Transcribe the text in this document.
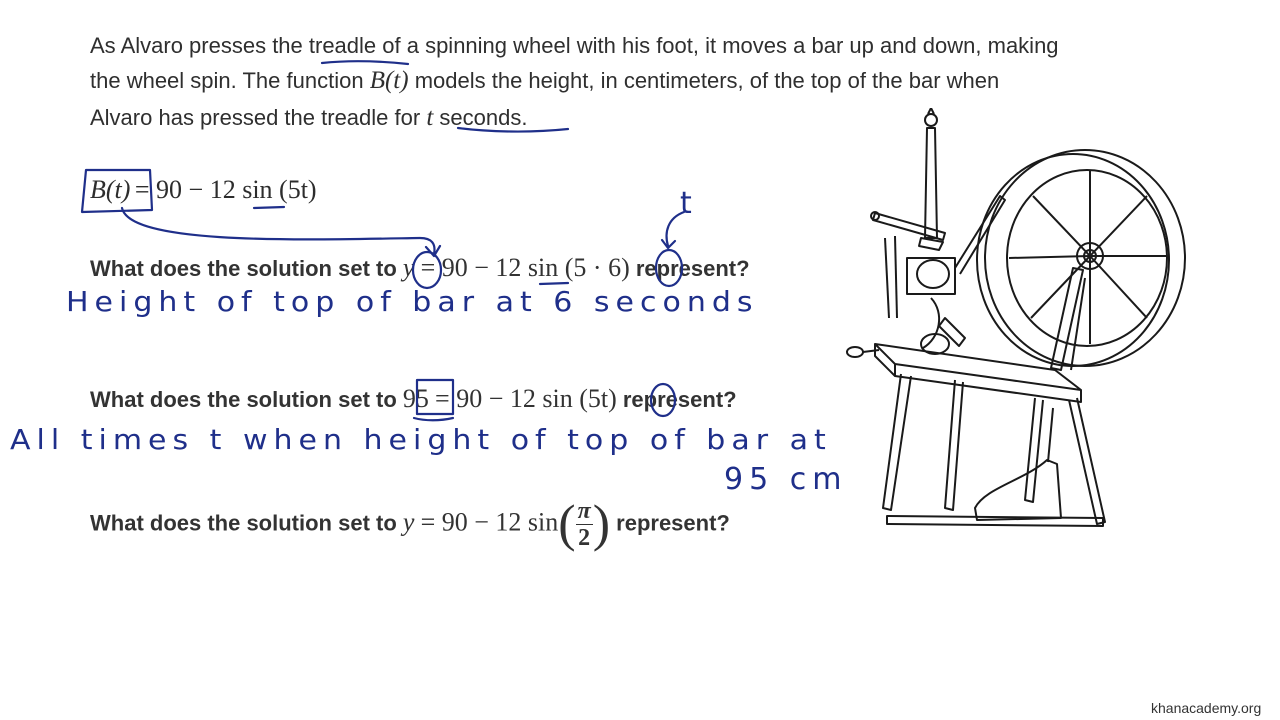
As Alvaro presses the treadle of a spinning wheel with his foot, it moves a bar up and down, making
the wheel spin. The function B(t) models the height, in centimeters, of the top of the bar when
Alvaro has pressed the treadle for t seconds.
B(t) = 90 − 12 sin (5t)
What does the solution set to y = 90 − 12 sin (5 · 6) represent?
What does the solution set to 95 = 90 − 12 sin (5t) represent?
What does the solution set to y = 90 − 12 $\sin( \frac{\pi}{2}$ ) represent?
Height of top of bar at 6 seconds
All times t when height of top of bar at
95 cm
t
khanacademy.org
